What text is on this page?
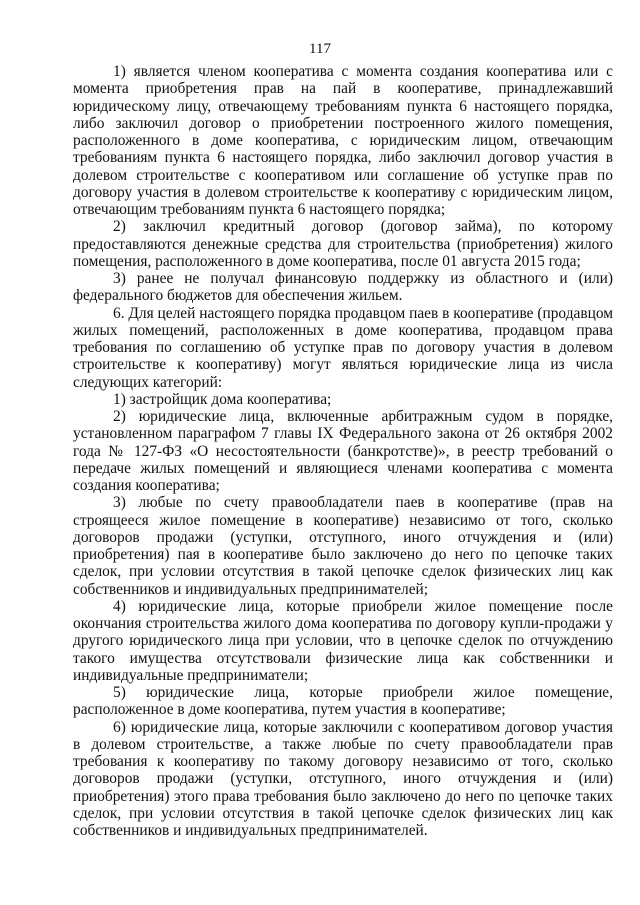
117

1) является членом кооператива с момента создания кооператива или с момента приобретения прав на пай в кооперативе, принадлежавший юридическому лицу, отвечающему требованиям пункта 6 настоящего порядка, либо заключил договор о приобретении построенного жилого помещения, расположенного в доме кооператива, с юридическим лицом, отвечающим требованиям пункта 6 настоящего порядка, либо заключил договор участия в долевом строительстве с кооперативом или соглашение об уступке прав по договору участия в долевом строительстве к кооперативу с юридическим лицом, отвечающим требованиям пункта 6 настоящего порядка;

2) заключил кредитный договор (договор займа), по которому предоставляются денежные средства для строительства (приобретения) жилого помещения, расположенного в доме кооператива, после 01 августа 2015 года;

3) ранее не получал финансовую поддержку из областного и (или) федерального бюджетов для обеспечения жильем.

6. Для целей настоящего порядка продавцом паев в кооперативе (продавцом жилых помещений, расположенных в доме кооператива, продавцом права требования по соглашению об уступке прав по договору участия в долевом строительстве к кооперативу) могут являться юридические лица из числа следующих категорий:

1) застройщик дома кооператива;

2) юридические лица, включенные арбитражным судом в порядке, установленном параграфом 7 главы IX Федерального закона от 26 октября 2002 года № 127-ФЗ «О несостоятельности (банкротстве)», в реестр требований о передаче жилых помещений и являющиеся членами кооператива с момента создания кооператива;

3) любые по счету правообладатели паев в кооперативе (прав на строящееся жилое помещение в кооперативе) независимо от того, сколько договоров продажи (уступки, отступного, иного отчуждения и (или) приобретения) пая в кооперативе было заключено до него по цепочке таких сделок, при условии отсутствия в такой цепочке сделок физических лиц как собственников и индивидуальных предпринимателей;

4) юридические лица, которые приобрели жилое помещение после окончания строительства жилого дома кооператива по договору купли-продажи у другого юридического лица при условии, что в цепочке сделок по отчуждению такого имущества отсутствовали физические лица как собственники и индивидуальные предприниматели;

5) юридические лица, которые приобрели жилое помещение, расположенное в доме кооператива, путем участия в кооперативе;

6) юридические лица, которые заключили с кооперативом договор участия в долевом строительстве, а также любые по счету правообладатели прав требования к кооперативу по такому договору независимо от того, сколько договоров продажи (уступки, отступного, иного отчуждения и (или) приобретения) этого права требования было заключено до него по цепочке таких сделок, при условии отсутствия в такой цепочке сделок физических лиц как собственников и индивидуальных предпринимателей.
